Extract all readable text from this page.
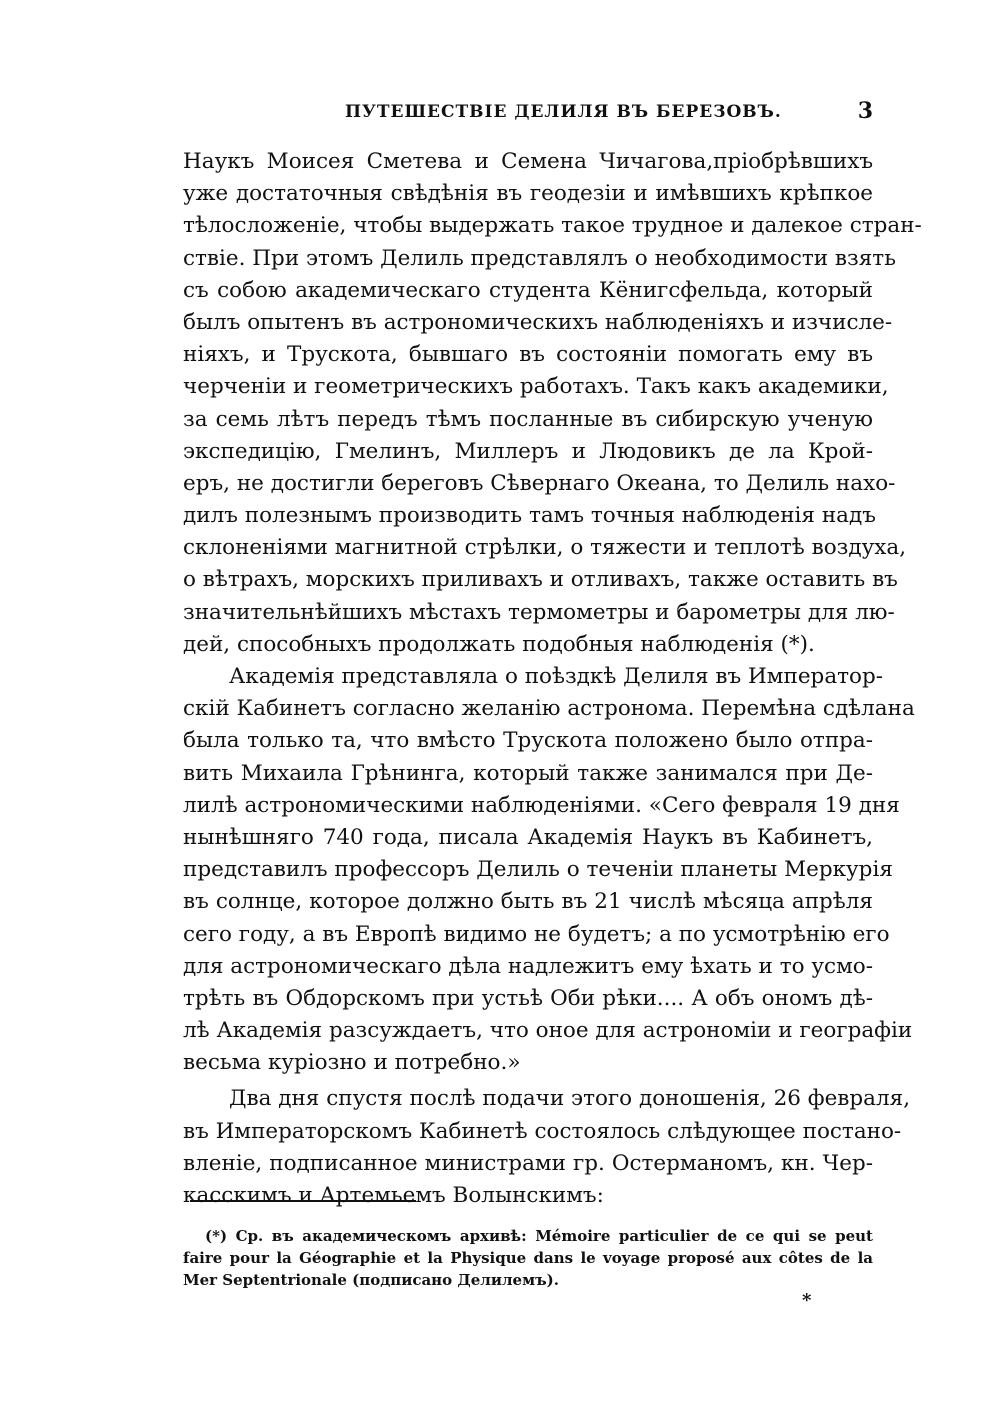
ПУТЕШЕСТВІЕ ДЕЛИЛЯ ВЪ БЕРЕЗОВЪ.	3
Наукъ Моисея Сметева и Семена Чичагова,пріобрѣвшихъ
уже достаточныя свѣдѣнія въ геодезіи и имѣвшихъ крѣпкое
тѣлосложеніе, чтобы выдержать такое трудное и далекое стран-
ствіе. При этомъ Делиль представлялъ о необходимости взять
съ собою академическаго студента Кёнигсфельда, который
былъ опытенъ въ астрономическихъ наблюденіяхъ и изчисле-
ніяхъ, и Трускота, бывшаго въ состояніи помогать ему въ
черченіи и геометрическихъ работахъ. Такъ какъ академики,
за семь лѣтъ передъ тѣмъ посланные въ сибирскую ученую
экспедицію, Гмелинъ, Миллеръ и Людовикъ де ла Крой-
еръ, не достигли береговъ Сѣвернаго Океана, то Делиль нахо-
дилъ полезнымъ производить тамъ точныя наблюденія надъ
склоненіями магнитной стрѣлки, о тяжести и теплотѣ воздуха,
о вѣтрахъ, морскихъ приливахъ и отливахъ, также оставить въ
значительнѣйшихъ мѣстахъ термометры и барометры для лю-
дей, способныхъ продолжать подобныя наблюденія (*).
Академія представляла о поѣздкѣ Делиля въ Император-
скій Кабинетъ согласно желанію астронома. Перемѣна сдѣлана
была только та, что вмѣсто Трускота положено было отпра-
вить Михаила Грѣнинга, который также занимался при Де-
лилѣ астрономическими наблюденіями. «Сего февраля 19 дня
нынѣшняго 740 года, писала Академія Наукъ въ Кабинетъ,
представилъ профессоръ Делиль о теченіи планеты Меркурія
въ солнце, которое должно быть въ 21 числѣ мѣсяца апрѣля
сего году, а въ Европѣ видимо не будетъ; а по усмотрѣнію его
для астрономическаго дѣла надлежитъ ему ѣхать и то усмо-
трѣть въ Обдорскомъ при устьѣ Оби рѣки.... А объ ономъ дѣ-
лѣ Академія разсуждаетъ, что оное для астрономіи и географіи
весьма куріозно и потребно.»
Два дня спустя послѣ подачи этого доношенія, 26 февраля,
въ Императорскомъ Кабинетѣ состоялось слѣдующее постано-
вленіе, подписанное министрами гр. Остерманомъ, кн. Чер-
касскимъ и Артемьемъ Волынскимъ:
(*) Ср. въ академическомъ архивѣ: Mémoire particulier de ce qui se peut
faire pour la Géographie et la Physique dans le voyage proposé aux côtes de la
Mer Septentrionale (подписано Делилемъ).
*
